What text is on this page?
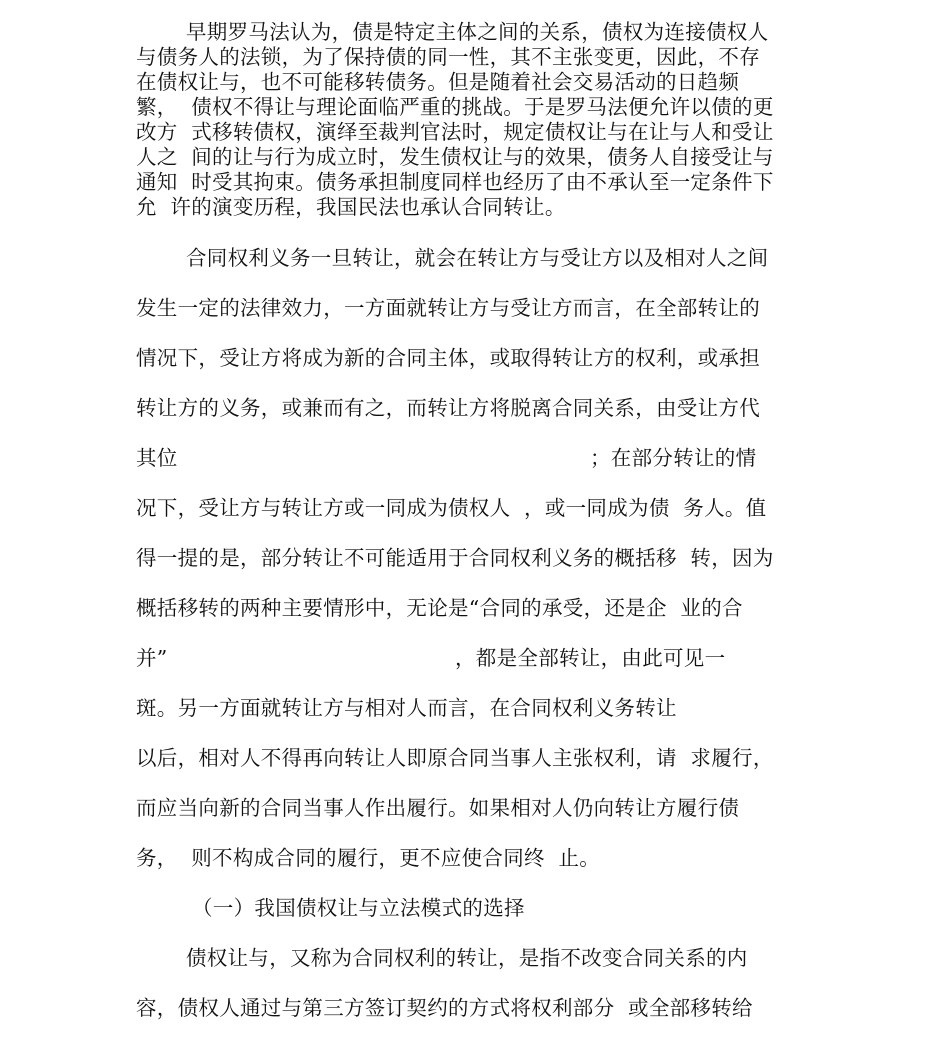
早期罗马法认为，债是特定主体之间的关系，债权为连接债权人
与债务人的法锁，为了保持债的同一性，其不主张变更，因此，不存
在债权让与，也不可能移转债务。但是随着社会交易活动的日趋频
繁，  债权不得让与理论面临严重的挑战。于是罗马法便允许以债的更
改方  式移转债权，演绎至裁判官法时，规定债权让与在让与人和受让
人之  间的让与行为成立时，发生债权让与的效果，债务人自接受让与
通知  时受其拘束。债务承担制度同样也经历了由不承认至一定条件下
允  许的演变历程，我国民法也承认合同转让。
合同权利义务一旦转让，就会在转让方与受让方以及相对人之间
发生一定的法律效力，一方面就转让方与受让方而言，在全部转让的
情况下，受让方将成为新的合同主体，或取得转让方的权利，或承担
转让方的义务，或兼而有之，而转让方将脱离合同关系，由受让方代
其位	；在部分转让的情
况下，受让方与转让方或一同成为债权人  ，或一同成为债  务人。值
得一提的是，部分转让不可能适用于合同权利义务的概括移  转，因为
概括移转的两种主要情形中，无论是“合同的承受，还是企  业的合
并”	，都是全部转让，由此可见一
斑。另一方面就转让方与相对人而言，在合同权利义务转让
以后，相对人不得再向转让人即原合同当事人主张权利，请  求履行，
而应当向新的合同当事人作出履行。如果相对人仍向转让方履行债
务，  则不构成合同的履行，更不应使合同终  止。
（一）我国债权让与立法模式的选择
债权让与，又称为合同权利的转让，是指不改变合同关系的内
容，债权人通过与第三方签订契约的方式将权利部分  或全部移转给
